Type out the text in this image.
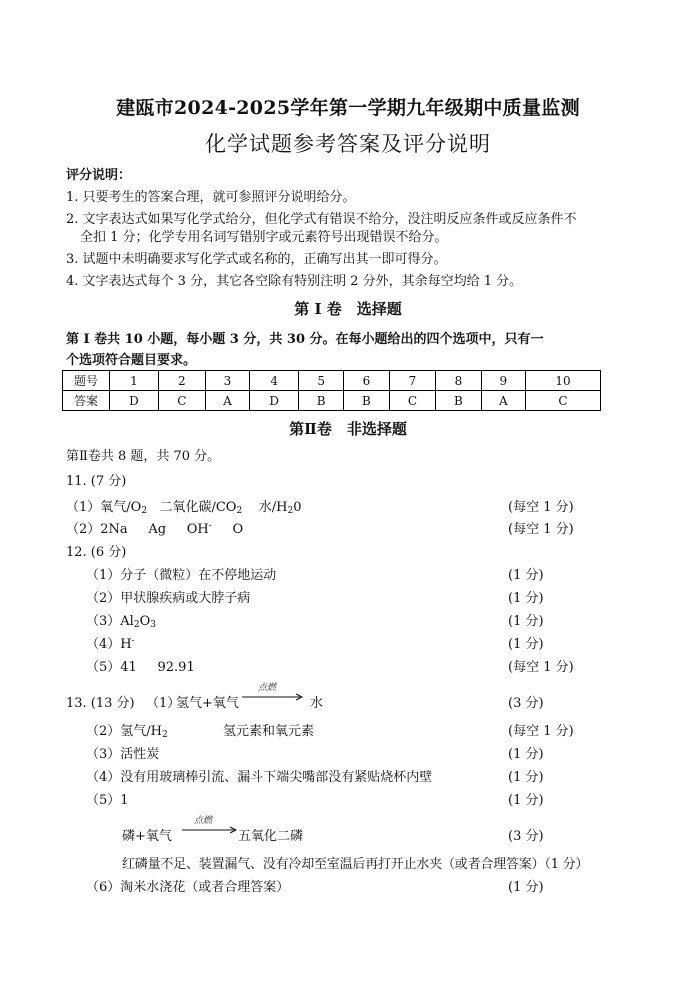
建瓯市2024-2025学年第一学期九年级期中质量监测
化学试题参考答案及评分说明
评分说明：
1. 只要考生的答案合理，就可参照评分说明给分。
2. 文字表达式如果写化学式给分，但化学式有错误不给分，没注明反应条件或反应条件不
全扣 1 分；化学专用名词写错别字或元素符号出现错误不给分。
3. 试题中未明确要求写化学式或名称的，正确写出其一即可得分。
4. 文字表达式每个 3 分，其它各空除有特别注明 2 分外，其余每空均给 1 分。
第 I 卷　选择题
第 I 卷共 10 小题，每小题 3 分，共 30 分。在每小题给出的四个选项中，只有一
个选项符合题目要求。
题号	1	2	3	4	5	6	7	8	9	10
答案	D	C	A	D	B	B	C	B	A	C
第Ⅱ卷　非选择题
第Ⅱ卷共 8 题，共 70 分。
11. (7 分)
（1）氧气$/O_2$ 二氧化碳$/CO_2$ 水$/H_20$	(每空 1 分)
（2）2Na Ag OH- O	(每空 1 分)
12. (6 分)
（1）分子（微粒）在不停地运动	(1 分)
（2）甲状腺疾病或大脖子病	(1 分)
$(3)Al_2O_3$	(1 分)
（4）H-	(1 分)
（5）41 92.91	(每空 1 分)
13. (13 分) （1）
氢气+氧气
点燃
→ 水	(3 分)
（2）氢气$/H_2$	氢元素和氧元素	(每空 1 分)
（3）活性炭	(1 分)
（4）没有用玻璃棒引流、漏斗下端尖嘴部没有紧贴烧杯内壁	(1 分)
（5）1	(1 分)
磷+氧气
点燃
→ 五氧化二磷	(3 分)
红磷量不足、装置漏气、没有冷却至室温后再打开止水夹（或者合理答案）（1 分）
（6）淘米水浇花（或者合理答案）	(1 分)
